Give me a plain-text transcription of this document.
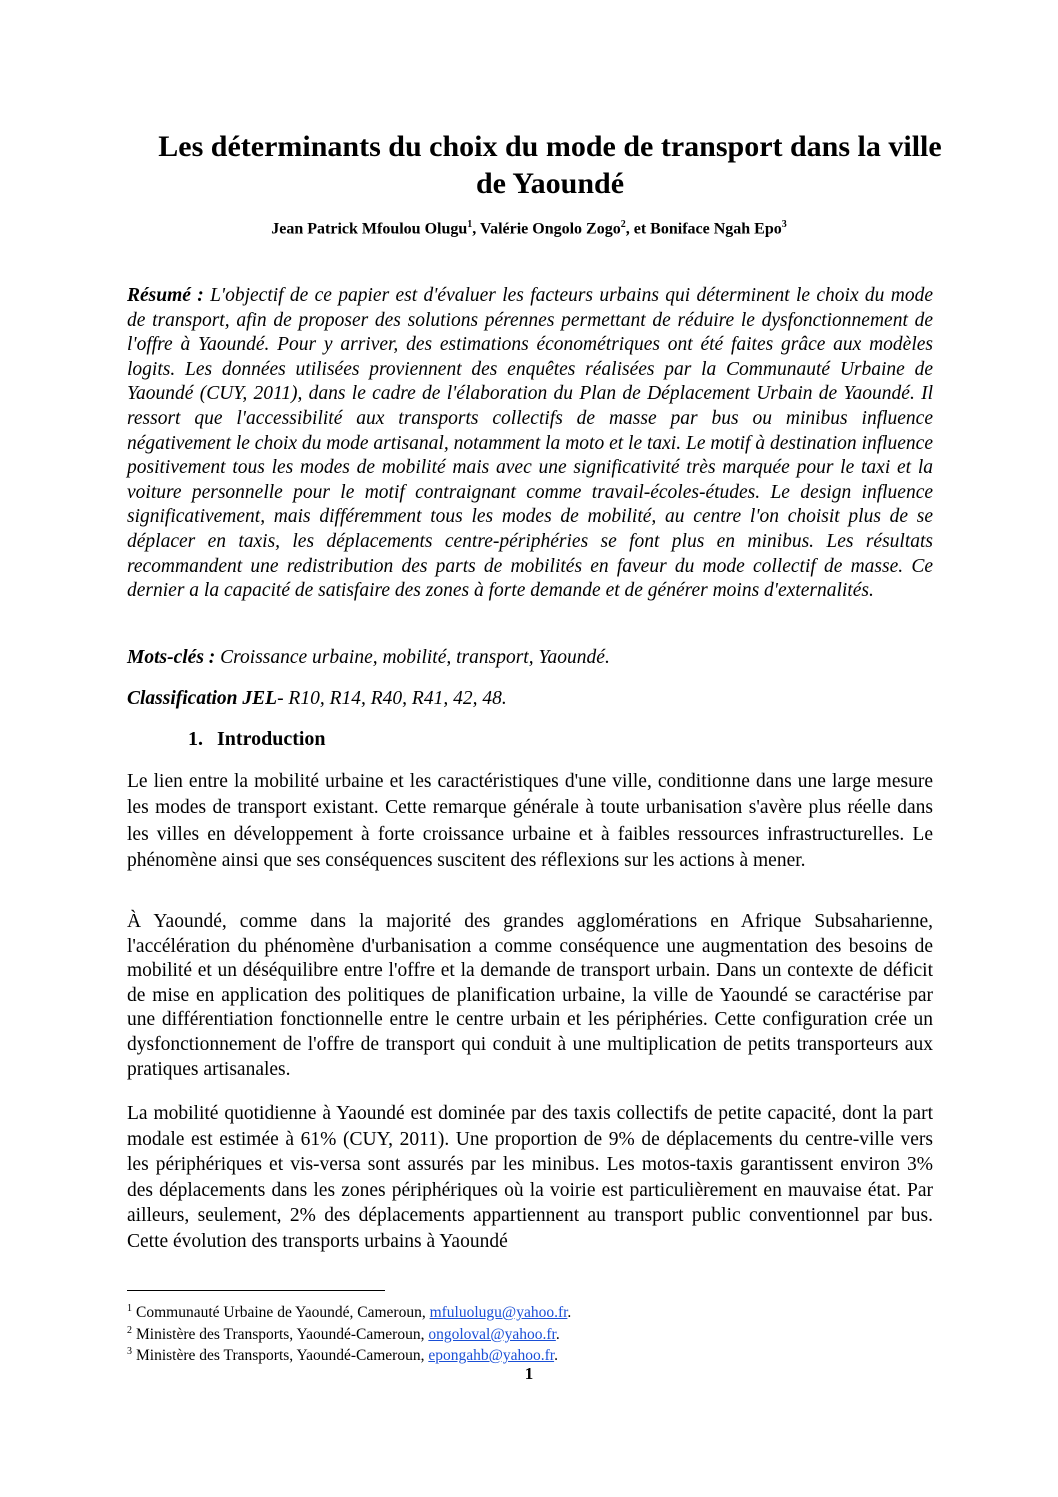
Les déterminants du choix du mode de transport dans la ville de Yaoundé
Jean Patrick Mfoulou Olugu$^1$, Valérie Ongolo Zogo$^2$, et Boniface Ngah Epo$^3$
Résumé : L'objectif de ce papier est d'évaluer les facteurs urbains qui déterminent le choix du mode de transport, afin de proposer des solutions pérennes permettant de réduire le dysfonctionnement de l'offre à Yaoundé. Pour y arriver, des estimations économétriques ont été faites grâce aux modèles logits. Les données utilisées proviennent des enquêtes réalisées par la Communauté Urbaine de Yaoundé (CUY, 2011), dans le cadre de l'élaboration du Plan de Déplacement Urbain de Yaoundé. Il ressort que l'accessibilité aux transports collectifs de masse par bus ou minibus influence négativement le choix du mode artisanal, notamment la moto et le taxi. Le motif à destination influence positivement tous les modes de mobilité mais avec une significativité très marquée pour le taxi et la voiture personnelle pour le motif contraignant comme travail-écoles-études. Le design influence significativement, mais différemment tous les modes de mobilité, au centre l'on choisit plus de se déplacer en taxis, les déplacements centre-périphéries se font plus en minibus. Les résultats recommandent une redistribution des parts de mobilités en faveur du mode collectif de masse. Ce dernier a la capacité de satisfaire des zones à forte demande et de générer moins d'externalités.
Mots-clés : Croissance urbaine, mobilité, transport, Yaoundé.
Classification JEL- R10, R14, R40, R41, 42, 48.
1. Introduction
Le lien entre la mobilité urbaine et les caractéristiques d'une ville, conditionne dans une large mesure les modes de transport existant. Cette remarque générale à toute urbanisation s'avère plus réelle dans les villes en développement à forte croissance urbaine et à faibles ressources infrastructurelles. Le phénomène ainsi que ses conséquences suscitent des réflexions sur les actions à mener.
À Yaoundé, comme dans la majorité des grandes agglomérations en Afrique Subsaharienne, l'accélération du phénomène d'urbanisation a comme conséquence une augmentation des besoins de mobilité et un déséquilibre entre l'offre et la demande de transport urbain. Dans un contexte de déficit de mise en application des politiques de planification urbaine, la ville de Yaoundé se caractérise par une différentiation fonctionnelle entre le centre urbain et les périphéries. Cette configuration crée un dysfonctionnement de l'offre de transport qui conduit à une multiplication de petits transporteurs aux pratiques artisanales.
La mobilité quotidienne à Yaoundé est dominée par des taxis collectifs de petite capacité, dont la part modale est estimée à 61% (CUY, 2011). Une proportion de 9% de déplacements du centre-ville vers les périphériques et vis-versa sont assurés par les minibus. Les motos-taxis garantissent environ 3% des déplacements dans les zones périphériques où la voirie est particulièrement en mauvaise état. Par ailleurs, seulement, 2% des déplacements appartiennent au transport public conventionnel par bus. Cette évolution des transports urbains à Yaoundé
$^1$ Communauté Urbaine de Yaoundé, Cameroun, mfuluolugu@yahoo.fr.
$^2$ Ministère des Transports, Yaoundé-Cameroun, ongoloval@yahoo.fr.
$^3$ Ministère des Transports, Yaoundé-Cameroun, epongahb@yahoo.fr.
1
